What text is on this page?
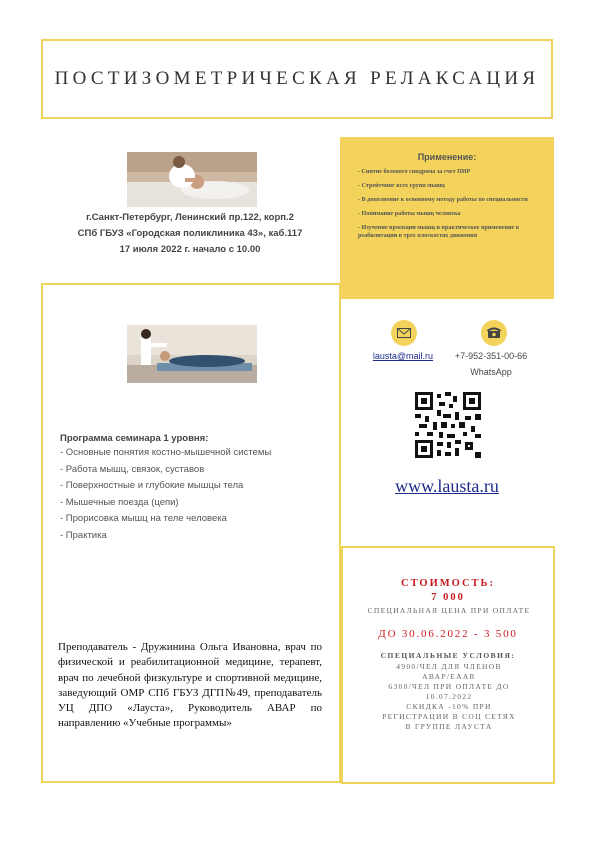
ПОСТИЗОМЕТРИЧЕСКАЯ РЕЛАКСАЦИЯ
г.Санкт-Петербург, Ленинский пр.122, корп.2
СПб ГБУЗ «Городская поликлиника 43», каб.117
17 июля 2022 г. начало с 10.00
Применение:
- Снятие болевого синдрома за счет ПИР
- Стрейтчинг всех групп мышц
- В дополнение к основному методу работы по специальности
- Понимание работы мышц человека
- Изучение проекции мышц и практическое применение в реабилитации в трех плоскостях движения
Программа семинара 1 уровня:
- Основные понятия костно-мышечной системы
- Работа мышц, связок, суставов
- Поверхностные и глубокие мышцы тела
- Мышечные поезда (цепи)
- Прорисовка мышц на теле человека
- Практика
Преподаватель - Дружинина Ольга Ивановна, врач по физической и реабилитационной медицине, терапевт, врач по лечебной физкультуре и спортивной медицине, заведующий ОМР СПб ГБУЗ ДГП№49, преподаватель УЦ ДПО «Лауста», Руководитель АВАР по направлению «Учебные программы»
lausta@mail.ru	+7-952-351-00-66
WhatsApp
www.lausta.ru
СТОИМОСТЬ:
7 000
СПЕЦИАЛЬНАЯ ЦЕНА ПРИ ОПЛАТЕ
ДО 30.06.2022 - 3 500
СПЕЦИАЛЬНЫЕ УСЛОВИЯ:
4900/ЧЕЛ ДЛЯ ЧЛЕНОВ АВАР/EAAR
6300/ЧЕЛ ПРИ ОПЛАТЕ ДО 10.07.2022
СКИДКА -10% ПРИ РЕГИСТРАЦИИ В СОЦ СЕТЯХ В ГРУППЕ ЛАУСТА
